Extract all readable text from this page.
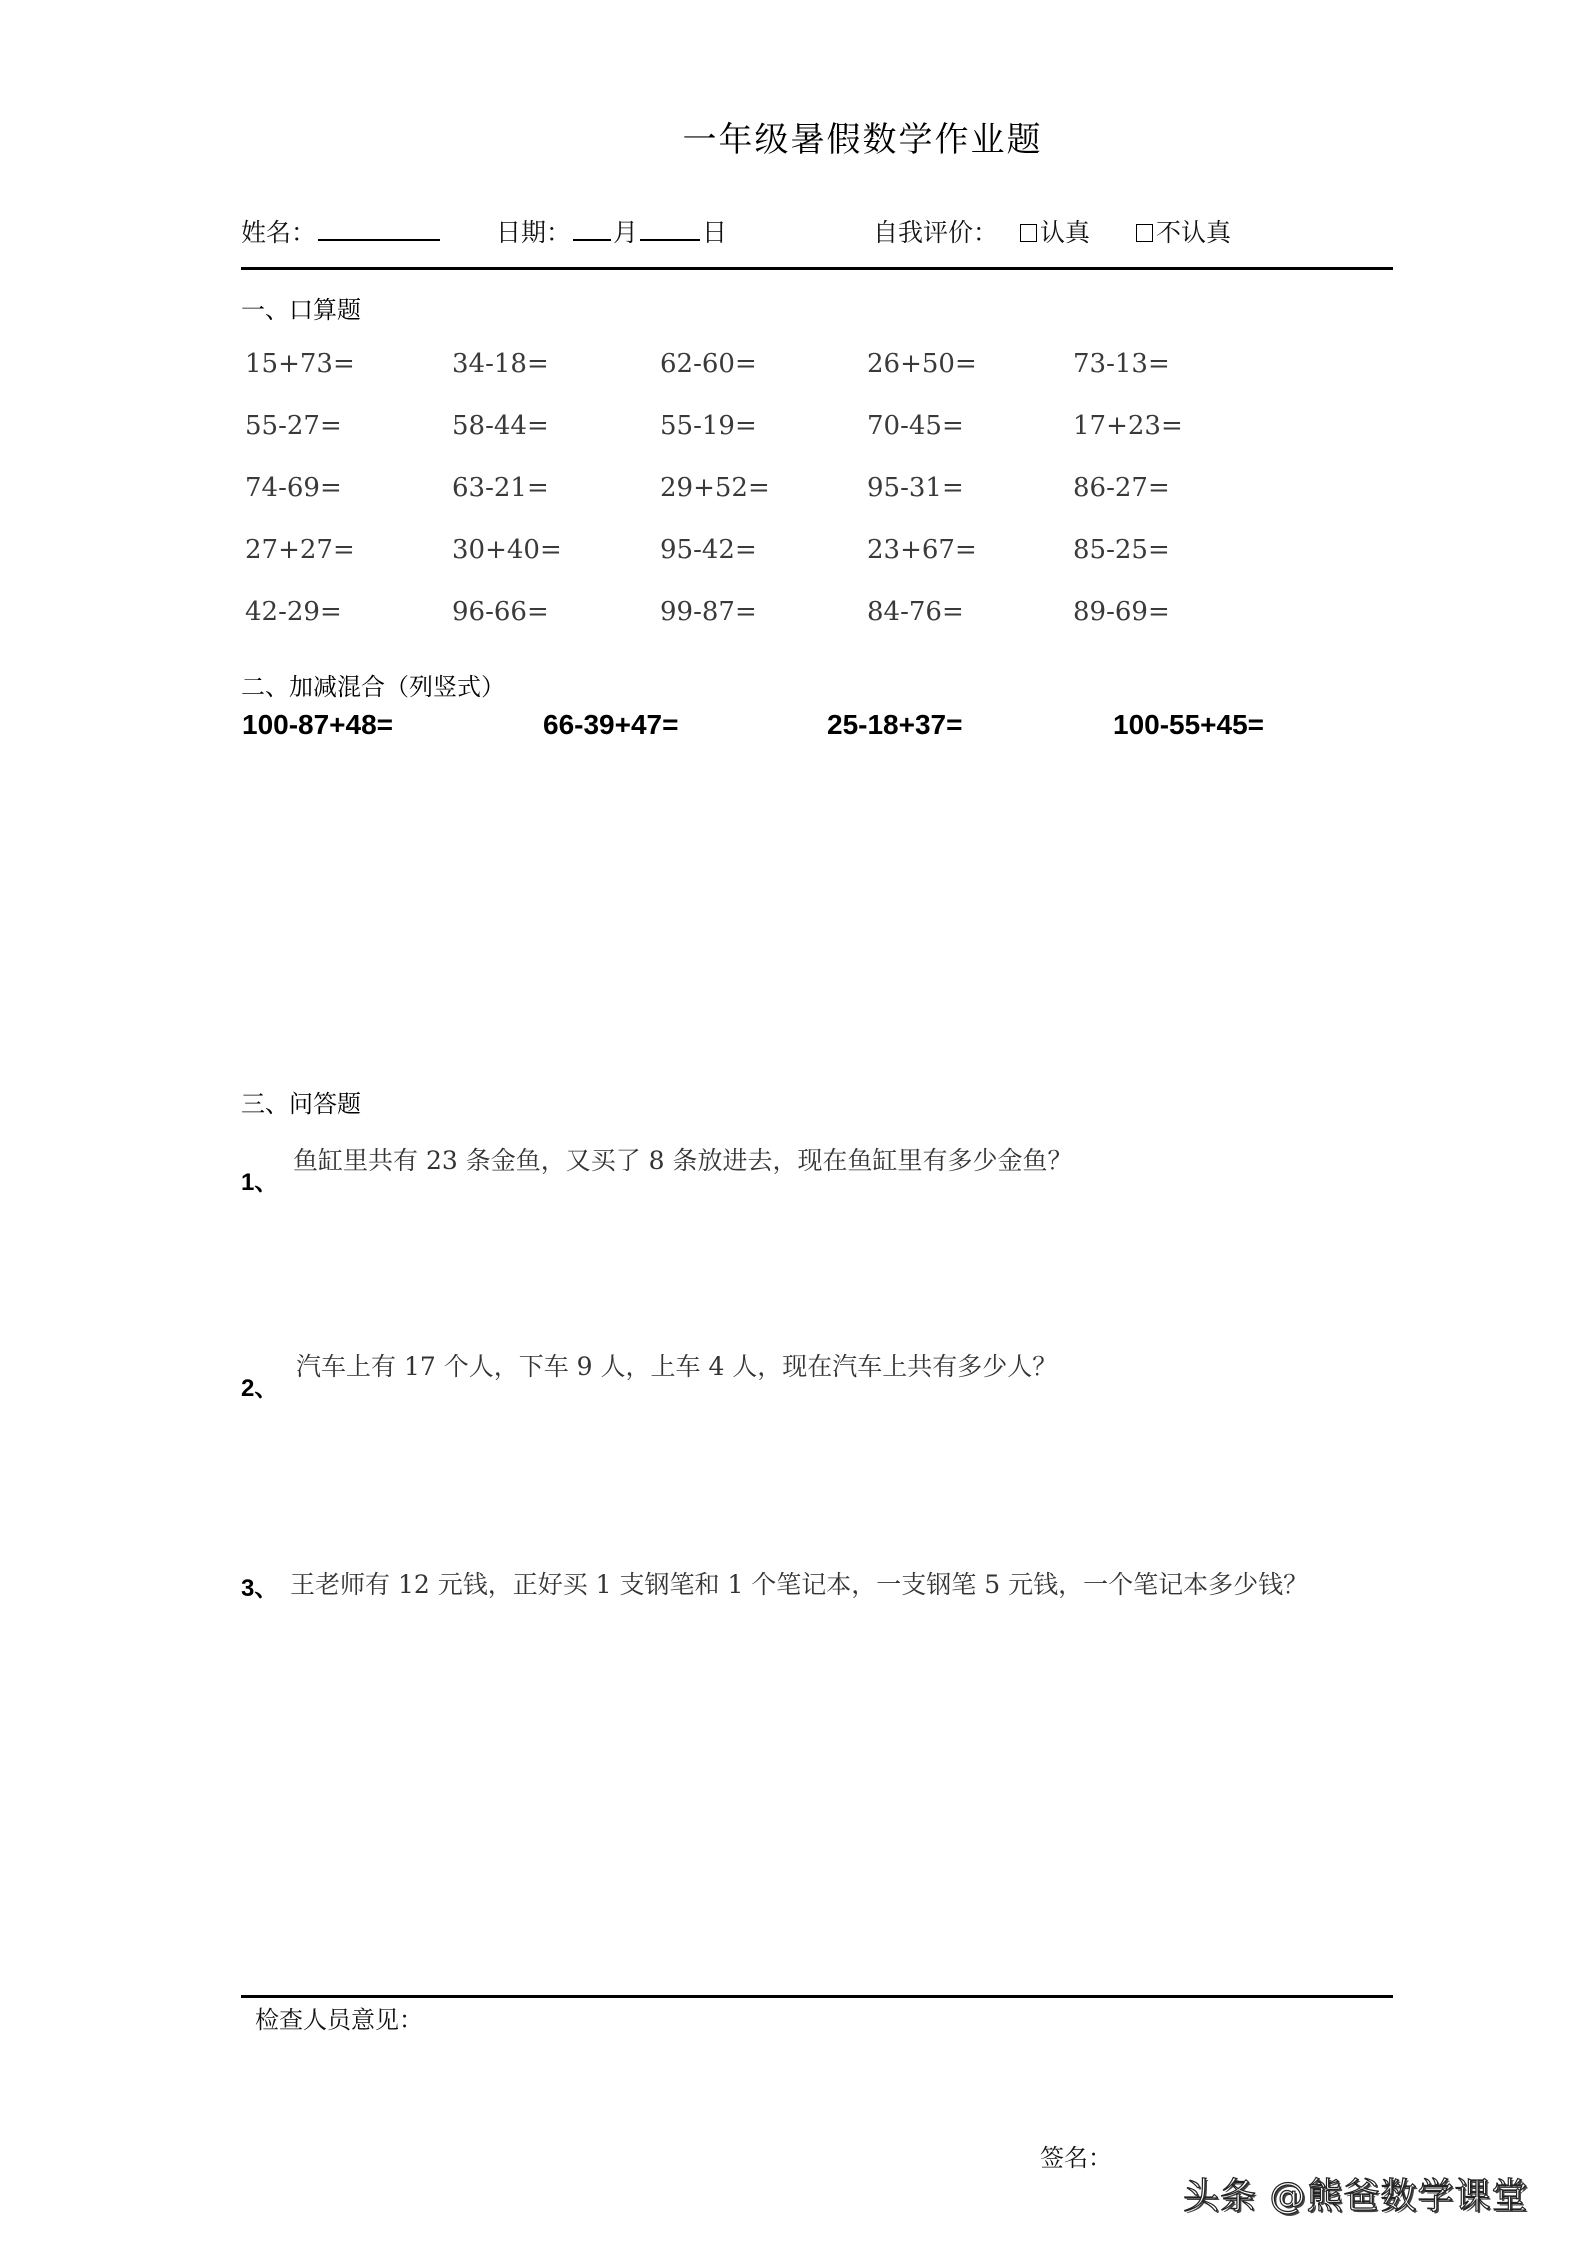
一年级暑假数学作业题
姓名：	日期： 月	日	自我评价： 认真	不认真
一、口算题
15+73=	34-18=	62-60=	26+50=	73-13=
55-27=	58-44=	55-19=	70-45=	17+23=
74-69=	63-21=	29+52=	95-31=	86-27=
27+27=	30+40=	95-42=	23+67=	85-25=
42-29=	96-66=	99-87=	84-76=	89-69=
二、加减混合（列竖式）
100-87+48=	66-39+47=	25-18+37=	100-55+45=
三、问答题
1、
鱼缸里共有 23 条金鱼，又买了 8 条放进去，现在鱼缸里有多少金鱼？
2、
汽车上有 17 个人，下车 9 人，上车 4 人，现在汽车上共有多少人？
3、 王老师有 12 元钱，正好买 1 支钢笔和 1 个笔记本，一支钢笔 5 元钱，一个笔记本多少钱？
检查人员意见：
签名：
头条 @熊爸数学课堂
